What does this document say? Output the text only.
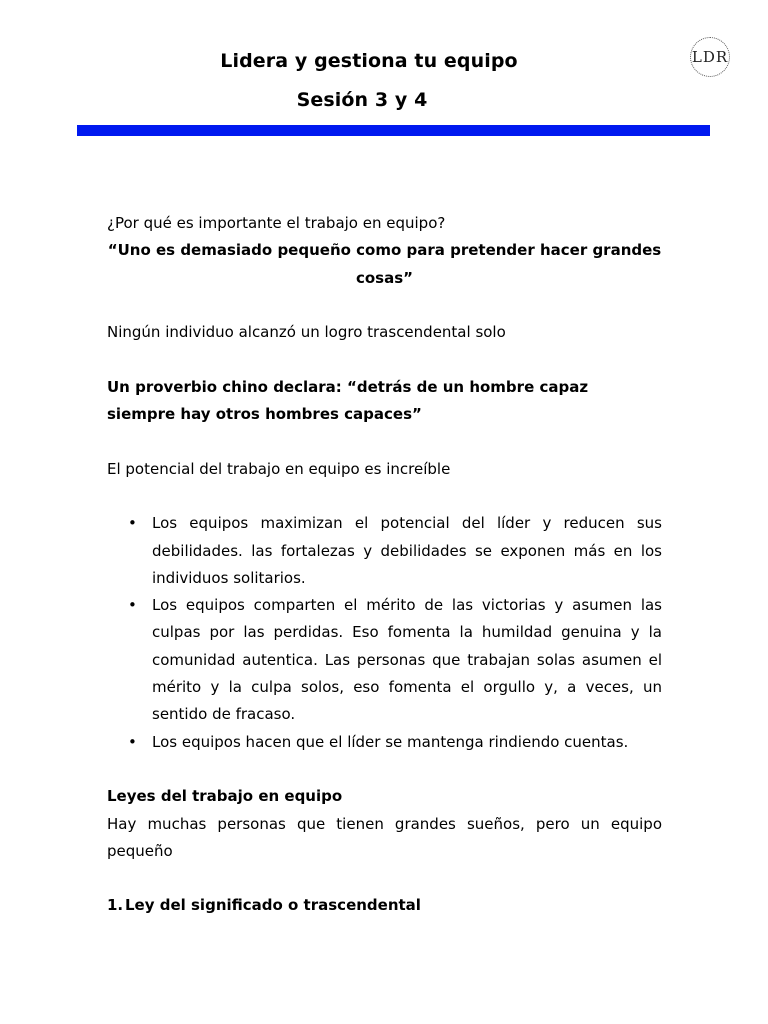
Lidera y gestiona tu equipo
Sesión 3 y 4
LDR

¿Por qué es importante el trabajo en equipo?

“Uno es demasiado pequeño como para pretender hacer grandes cosas”

Ningún individuo alcanzó un logro trascendental solo

Un proverbio chino declara: “detrás de un hombre capaz siempre hay otros hombres capaces”

El potencial del trabajo en equipo es increíble

• Los equipos maximizan el potencial del líder y reducen sus debilidades. las fortalezas y debilidades se exponen más en los individuos solitarios.
• Los equipos comparten el mérito de las victorias y asumen las culpas por las perdidas. Eso fomenta la humildad genuina y la comunidad autentica. Las personas que trabajan solas asumen el mérito y la culpa solos, eso fomenta el orgullo y, a veces, un sentido de fracaso.
• Los equipos hacen que el líder se mantenga rindiendo cuentas.

Leyes del trabajo en equipo

Hay muchas personas que tienen grandes sueños, pero un equipo pequeño

1. Ley del significado o trascendental
